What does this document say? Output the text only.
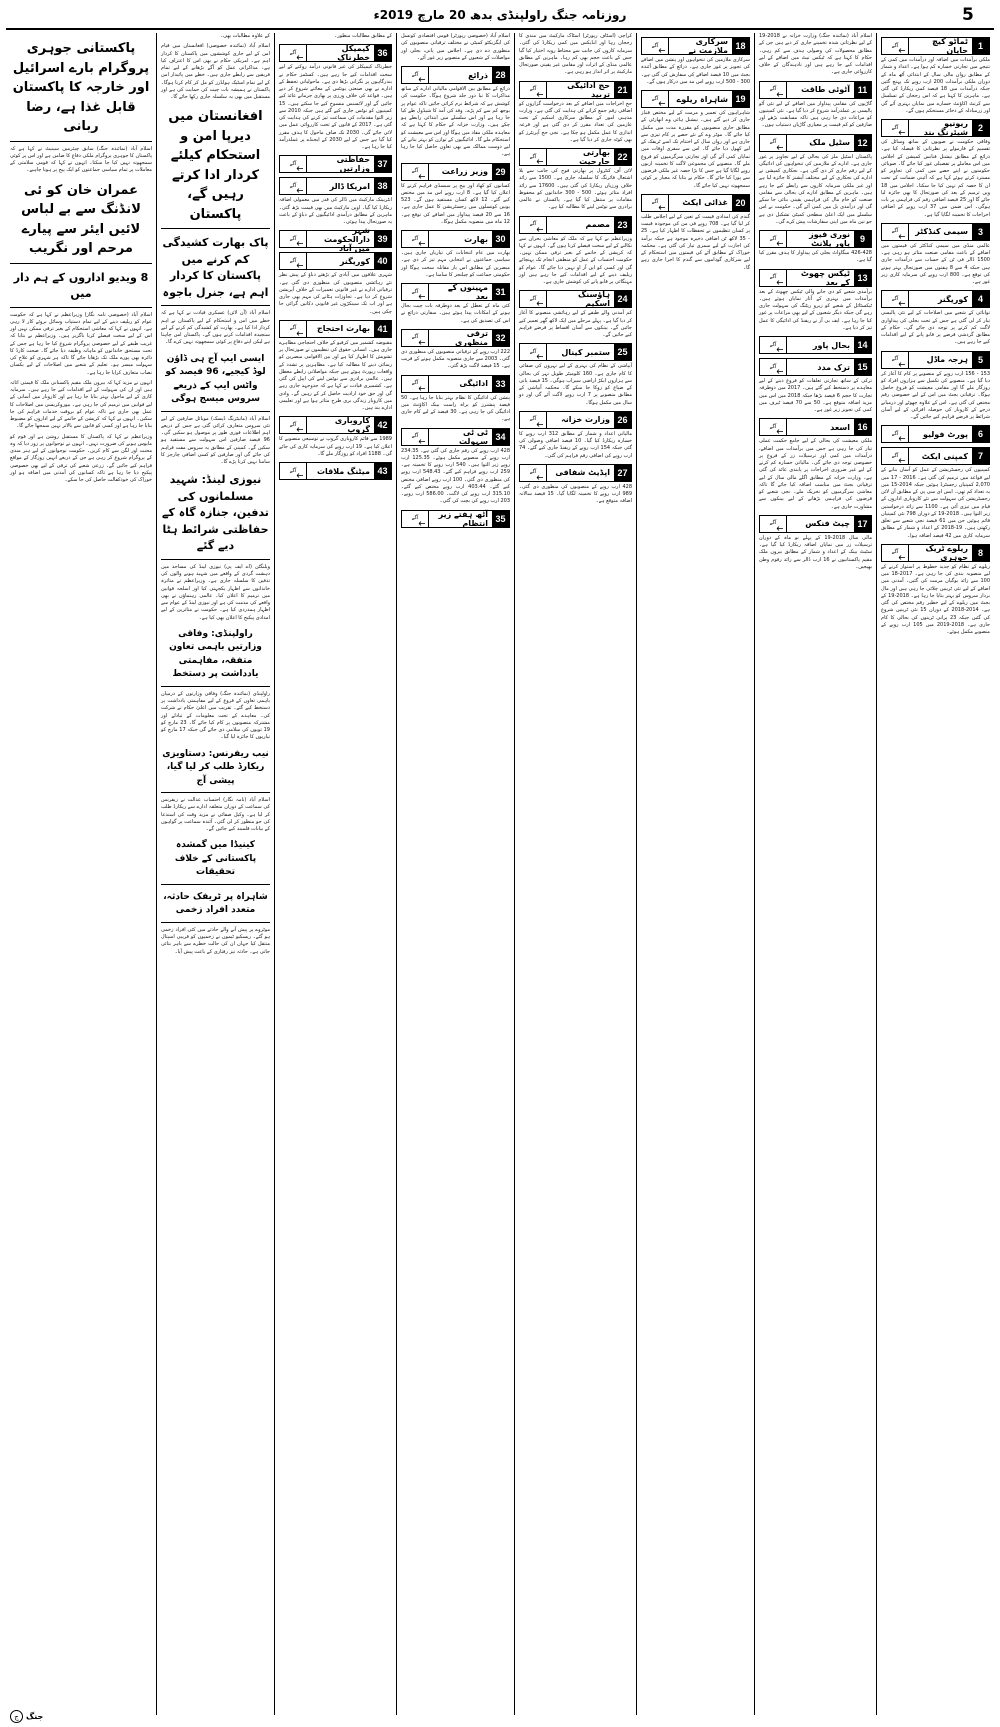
5
روزنامہ جنگ راولپنڈی بدھ 20 مارچ 2019ء
1
ٹماٹو کیچ جاپان
آگے

ملکی برآمدات میں اضافہ اور درآمدات میں کمی کے نتیجے میں تجارتی خسارہ کم ہوا ہے۔ اعداد و شمار کے مطابق رواں مالی سال کے ابتدائی آٹھ ماہ کے دوران ملکی برآمدات 200 ارب روپے تک پہنچ گئیں جبکہ درآمدات میں 18 فیصد کمی ریکارڈ کی گئی ہے۔ ماہرین کا کہنا ہے کہ اس رجحان کے تسلسل سے کرنٹ اکاؤنٹ خسارے میں نمایاں بہتری آئے گی اور زرمبادلہ کے ذخائر مستحکم ہوں گے۔

2
ریونیو شیئرنگ بند
آگے

وفاقی حکومت نے صوبوں کے ساتھ وسائل کی تقسیم کے فارمولے پر نظرثانی کا فیصلہ کیا ہے۔ ذرائع کے مطابق نیشنل فنانس کمیشن کے اجلاس میں اس معاملے پر تفصیلی غور کیا جائے گا۔ صوبائی حکومتوں نے اپنے حصے میں کمی کی تجاویز کو مسترد کرتے ہوئے کہا ہے کہ آئینی ضمانت کے تحت ان کا حصہ کم نہیں کیا جا سکتا۔ اجلاس میں 18 ویں ترمیم کے بعد کی صورتحال کا بھی جائزہ لیا جائے گا اور 25 فیصد اضافی رقم کی فراہمی پر بات ہوگی۔ اس ضمن میں 37 ارب روپے کے اضافی اخراجات کا تخمینہ لگایا گیا ہے۔

3
سیمی کنڈکٹر
آگے

عالمی منڈی میں سیمی کنڈکٹر کی قیمتوں میں اضافے کے باعث مقامی صنعت متاثر ہو رہی ہے۔ 1500 ڈالر فی ٹن کے حساب سے درآمدات جاری ہیں جبکہ 4 سے 8 ہفتوں میں صورتحال بہتر ہونے کی توقع ہے۔ 800 ارب روپے کی سرمایہ کاری زیر غور ہے۔

4
کوریگنر
آگے

توانائی کے شعبے میں اصلاحات کے لیے نئی پالیسی تیار کر لی گئی ہے جس کے تحت بجلی کی پیداواری لاگت کم کرنے پر توجہ دی جائے گی۔ حکام کے مطابق گردشی قرضے پر قابو پانے کے لیے اقدامات کیے جا رہے ہیں۔

5
ہرجہ ماڈل
آگے

153 - 156 ارب روپے کے منصوبے پر کام کا آغاز کر دیا گیا ہے۔ منصوبے کی تکمیل سے ہزاروں افراد کو روزگار ملے گا اور مقامی معیشت کو فروغ حاصل ہوگا۔ ترقیاتی بجٹ میں اس کے لیے خصوصی رقم مختص کی گئی ہے۔ اس کے علاوہ چھوٹے اور درمیانے درجے کے کاروبار کی حوصلہ افزائی کے لیے آسان شرائط پر قرضے فراہم کیے جائیں گے۔

6
پورٹ فولیو
آگے
7
کمپنی ایکٹ
آگے

کمپنیوں کی رجسٹریشن کے عمل کو آسان بنانے کے لیے قواعد میں ترمیم کی گئی ہے۔ 2016 - 17 میں 2,070 کمپنیاں رجسٹرڈ ہوئیں جبکہ 2014-15 میں یہ تعداد کم تھی۔ ایس ای سی پی کے مطابق آن لائن رجسٹریشن کی سہولت سے نئے کاروباری اداروں کے قیام میں تیزی آئی ہے۔ 1100 سے زائد درخواستیں زیر التوا ہیں۔ 2018-19 کے دوران 798 نئی کمپنیاں قائم ہوئیں جن میں 61 فیصد نجی شعبے سے تعلق رکھتی ہیں۔ 19-2018 کے اعداد و شمار کے مطابق سرمایہ کاری میں 42 فیصد اضافہ ہوا۔

8
ریلوے ٹریک جوہری
آگے

ریلوے کے نظام کو جدید خطوط پر استوار کرنے کے لیے منصوبہ بندی کی جا رہی ہے۔ 2017-18 میں 100 سے زائد بوگیاں مرمت کی گئیں۔ آمدنی میں اضافے کے لیے نئی ٹرینیں چلائی جا رہی ہیں اور مال بردار سروس کو بہتر بنایا جا رہا ہے۔ 2018-19 کے بجٹ میں ریلوے کے لیے خطیر رقم مختص کی گئی ہے۔ 2014-2018 کے دوران 15 نئی ٹرینیں شروع کی گئیں جبکہ 23 پرانی ٹرینوں کی بحالی کا کام جاری ہے۔ 2018-2019 میں 105 ارب روپے کے منصوبے مکمل ہوئے۔

اسلام آباد (نمائندہ جنگ) وزارت خزانہ نے 2018-19 کے لیے نظرثانی شدہ تخمینے جاری کر دیے ہیں جن کے مطابق محصولات کی وصولی ہدف سے کم رہی۔ حکام کا کہنا ہے کہ ٹیکس نیٹ میں اضافے کے لیے اقدامات کیے جا رہے ہیں اور نادہندگان کے خلاف کارروائی جاری ہے۔

11
آٹوئی طاقت
آگے

گاڑیوں کی مقامی پیداوار میں اضافے کے لیے نئی آٹو پالیسی پر عملدرآمد شروع کر دیا گیا ہے۔ نئی کمپنیوں کو مراعات دی جا رہی ہیں تاکہ مسابقت بڑھے اور صارفین کو کم قیمت پر معیاری گاڑیاں دستیاب ہوں۔

12
سٹیل ملک
آگے

پاکستان اسٹیل ملز کی بحالی کے لیے تجاویز پر غور جاری ہے۔ ادارے کے ملازمین کی تنخواہوں کی ادائیگی کے لیے رقم جاری کر دی گئی ہے۔ نجکاری کمیشن نے ادارے کی نجکاری کے لیے مختلف آپشنز کا جائزہ لیا ہے اور غیر ملکی سرمایہ کاروں سے رابطے کیے جا رہے ہیں۔ ماہرین کے مطابق ادارے کی بحالی سے مقامی صنعت کو خام مال کی فراہمی یقینی بنائی جا سکے گی اور درآمدی بل میں کمی آئے گی۔ حکومت نے اس سلسلے میں ایک اعلیٰ سطحی کمیٹی تشکیل دی ہے جو تین ماہ میں اپنی سفارشات پیش کرے گی۔

9
نوری فیوز پاور پلانٹ
آگے

426-428 میگاواٹ بجلی کی پیداوار کا ہدف مقرر کیا گیا ہے۔

13
ٹیکس چھوٹ کے بعد
آگے

برآمدی شعبے کو دی جانے والی ٹیکس چھوٹ کے بعد برآمدات میں بہتری کے آثار نمایاں ہوئے ہیں۔ ٹیکسٹائل کے شعبے کو زیرو ریٹنگ کی سہولت جاری رہے گی جبکہ دیگر شعبوں کے لیے بھی مراعات پر غور کیا جا رہا ہے۔ ایف بی آر نے ریفنڈ کی ادائیگی کا عمل تیز کر دیا ہے۔

14
بحال پاور
آگے
15
ترک مدد
آگے

ترکی کے ساتھ تجارتی تعلقات کو فروغ دینے کے لیے معاہدے پر دستخط کیے گئے ہیں۔ 2017 میں دوطرفہ تجارت کا حجم 6 فیصد بڑھا جبکہ 2018 میں اس میں مزید اضافہ متوقع ہے۔ 50 سے 70 فیصد ٹیرف میں کمی کی تجویز زیر غور ہے۔

16
اسعد
آگے

ملکی معیشت کی بحالی کے لیے جامع حکمت عملی تیار کی جا رہی ہے جس میں برآمدات میں اضافے، درآمدات میں کمی اور ترسیلات زر کے فروغ پر خصوصی توجہ دی جائے گی۔ مالیاتی خسارہ کم کرنے کے لیے غیر ضروری اخراجات پر پابندی عائد کی گئی ہے۔ وزارت خزانہ کے مطابق اگلے مالی سال کے لیے ترقیاتی بجٹ میں مناسب اضافہ کیا جائے گا تاکہ معاشی سرگرمیوں کو تحریک ملے۔ نجی شعبے کو قرضوں کی فراہمی بڑھانے کے لیے بینکوں سے مشاورت جاری ہے۔

17
چیٹ فنکس
آگے

مالی سال 2018-19 کے پہلے نو ماہ کے دوران ترسیلات زر میں نمایاں اضافہ ریکارڈ کیا گیا ہے۔ سٹیٹ بینک کے اعداد و شمار کے مطابق بیرون ملک مقیم پاکستانیوں نے 16 ارب ڈالر سے زائد رقوم وطن بھیجیں۔

18
سرکاری ملازمت نے
آگے

سرکاری ملازمین کی تنخواہوں اور پنشن میں اضافے کی تجویز پر غور جاری ہے۔ ذرائع کے مطابق آئندہ بجٹ میں 10 فیصد اضافے کی سفارش کی گئی ہے۔ 300 - 500 ارب روپے اس مد میں درکار ہوں گے۔

19
شاہراہ ریلوے
آگے

شاہراہوں کی تعمیر و مرمت کے لیے مختص فنڈز جاری کر دیے گئے ہیں۔ نیشنل ہائی وے اتھارٹی کے مطابق جاری منصوبوں کو مقررہ مدت میں مکمل کیا جائے گا۔ موٹر وے کے نئے حصے پر کام تیزی سے جاری ہے اور رواں سال کے اختتام تک اسے ٹریفک کے لیے کھول دیا جائے گا۔ اس سے سفری اوقات میں نمایاں کمی آئے گی اور تجارتی سرگرمیوں کو فروغ ملے گا۔ منصوبے کی مجموعی لاگت کا تخمینہ اربوں روپے لگایا گیا ہے جس کا بڑا حصہ غیر ملکی قرضوں سے پورا کیا جائے گا۔ حکام نے بتایا کہ معیار پر کوئی سمجھوتہ نہیں کیا جائے گا۔

20
غذائی ایکٹ
آگے

گندم کی امدادی قیمت کے تعین کے لیے اجلاس طلب کر لیا گیا ہے۔ 708 روپے فی من کی موجودہ قیمت پر کسان تنظیموں نے تحفظات کا اظہار کیا ہے۔ 25 - 35 لاکھ ٹن اضافی ذخیرہ موجود ہے جبکہ برآمد کی اجازت کے لیے سمری تیار کی گئی ہے۔ محکمہ خوراک کے مطابق آٹے کی قیمتوں میں استحکام کے لیے سرکاری گوداموں سے گندم کا اجرا جاری رہے گا۔

کراچی (اسٹاف رپورٹر) اسٹاک مارکیٹ میں مندی کا رجحان رہا اور انڈیکس میں کمی ریکارڈ کی گئی۔ سرمایہ کاروں کی جانب سے محتاط رویہ اختیار کیا گیا جس کے باعث حجم بھی کم رہا۔ ماہرین کے مطابق عالمی منڈی کے اثرات اور مقامی غیر یقینی صورتحال مارکیٹ پر اثر انداز ہو رہی ہے۔

21
حج ادائیگی تربید
آگے

حج اخراجات میں اضافے کے بعد درخواست گزاروں کو اضافی رقم جمع کرانے کی ہدایت کی گئی ہے۔ وزارت مذہبی امور کے مطابق سرکاری اسکیم کے تحت عازمین کی تعداد مقرر کر دی گئی ہے اور قرعہ اندازی کا عمل مکمل ہو چکا ہے۔ نجی حج آپریٹرز کو بھی کوٹہ جاری کر دیا گیا ہے۔

22
بھارتی جارحیت
آگے

لائن آف کنٹرول پر بھارتی فوج کی جانب سے بلا اشتعال فائرنگ کا سلسلہ جاری ہے۔ 1500 سے زائد خلاف ورزیاں ریکارڈ کی گئی ہیں۔ 17600 سے زائد افراد متاثر ہوئے۔ 500 - 300 خاندانوں کو محفوظ مقامات پر منتقل کیا گیا ہے۔ پاکستان نے عالمی برادری سے نوٹس لینے کا مطالبہ کیا ہے۔

23
مصمم
آگے

وزیراعظم نے کہا ہے کہ ملک کو معاشی بحران سے نکالنے کے لیے سخت فیصلے کرنا ہوں گے۔ انہوں نے کہا کہ کرپشن کے خاتمے کے بغیر ترقی ممکن نہیں۔ حکومت احتساب کے عمل کو منطقی انجام تک پہنچائے گی اور کسی کو این آر او نہیں دیا جائے گا۔ عوام کو ریلیف دینے کے لیے اقدامات کیے جا رہے ہیں اور مہنگائی پر قابو پانے کی کوشش جاری ہے۔

24
ہاؤسنگ اسکیم
آگے

کم آمدنی والے طبقے کے لیے رہائشی منصوبے کا آغاز کر دیا گیا ہے۔ پہلے مرحلے میں ایک لاکھ گھر تعمیر کیے جائیں گے۔ بینکوں سے آسان اقساط پر قرضے فراہم کیے جائیں گے۔

25
ستمبر کینال
آگے

آبپاشی کے نظام کی بہتری کے لیے نہروں کی صفائی کا کام جاری ہے۔ 160 کلومیٹر طویل نہر کی بحالی سے ہزاروں ایکڑ اراضی سیراب ہوگی۔ 15 فیصد پانی کے ضیاع کو روکا جا سکے گا۔ محکمہ آبپاشی کے مطابق منصوبے پر 7 ارب روپے لاگت آئے گی اور دو سال میں مکمل ہوگا۔

26
وزارت خزانہ
آگے

مالیاتی اعداد و شمار کے مطابق 312 ارب روپے کا خسارہ ریکارڈ کیا گیا۔ 10 فیصد اضافی وصولی کی گئی جبکہ 154 ارب روپے کے ریفنڈ جاری کیے گئے۔ 74 ارب روپے کی اضافی رقم فراہم کی گئی۔

27
اپڈیٹ شفافی
آگے

428 ارب روپے کے منصوبوں کی منظوری دی گئی۔ 989 ارب روپے کا تخمینہ لگایا گیا۔ 15 فیصد سالانہ اضافہ متوقع ہے۔

اسلام آباد (خصوصی رپورٹر) قومی اقتصادی کونسل کی ایگزیکٹو کمیٹی نے مختلف ترقیاتی منصوبوں کی منظوری دے دی ہے۔ اجلاس میں پانی، بجلی اور مواصلات کے شعبوں کے منصوبے زیر غور آئے۔

28
ذرائع
آگے

ذرائع کے مطابق بین الاقوامی مالیاتی ادارے کے ساتھ مذاکرات کا نیا دور جلد شروع ہوگا۔ حکومت کی کوشش ہے کہ شرائط نرم کرائی جائیں تاکہ عوام پر بوجھ کم سے کم پڑے۔ وفد کی آمد کا شیڈول طے کیا جا رہا ہے اور اس سلسلے میں ابتدائی رابطے ہو چکے ہیں۔ وزارت خزانہ کے حکام کا کہنا ہے کہ معاہدہ ملکی مفاد میں ہوگا اور اس سے معیشت کو استحکام ملے گا۔ ادائیگیوں کے توازن کو بہتر بنانے کے لیے دوست ممالک سے بھی تعاون حاصل کیا جا رہا ہے۔

29
وزیر زراعت
آگے

کسانوں کو کھاد اور بیج پر سبسڈی فراہم کرنے کا اعلان کیا گیا ہے۔ 8 ارب روپے اس مد میں مختص کیے گئے۔ 12 لاکھ کسان مستفید ہوں گے۔ 523 یونین کونسلوں میں رجسٹریشن کا عمل جاری ہے۔ 16 سے 20 فیصد پیداوار میں اضافے کی توقع ہے۔ 12 ماہ میں منصوبہ مکمل ہوگا۔

30
بھارت
آگے

بھارت میں عام انتخابات کی تیاریاں جاری ہیں۔ سیاسی جماعتوں نے انتخابی مہم تیز کر دی ہے۔ مبصرین کے مطابق اس بار مقابلہ سخت ہوگا اور حکومتی جماعت کو چیلنجز کا سامنا ہے۔

31
مہینوں کے بعد
آگے

کئی ماہ کے تعطل کے بعد دوطرفہ بات چیت بحال ہونے کے امکانات پیدا ہوئے ہیں۔ سفارتی ذرائع نے اس کی تصدیق کی ہے۔

32
ترقی منظوری
آگے

222 ارب روپے کے ترقیاتی منصوبوں کی منظوری دی گئی۔ 2003 سے جاری منصوبہ مکمل ہونے کے قریب ہے۔ 15 فیصد لاگت بڑھ گئی۔

33
ادائیگی
آگے

پنشن کی ادائیگی کا نظام بہتر بنایا جا رہا ہے۔ 50 فیصد پنشنرز کو براہ راست بینک اکاؤنٹ میں ادائیگی کی جا رہی ہے۔ 30 فیصد کے لیے کام جاری ہے۔

34
ٹی ٹی سہولت
آگے

428 ارب روپے کی رقم جاری کی گئی ہے۔ 234.35 ارب روپے کے منصوبے مکمل ہوئے۔ 125.35 ارب روپے زیر التوا ہیں۔ 540 ارب روپے کا تخمینہ ہے۔ 259 ارب روپے فراہم کیے گئے۔ 548.43 ارب روپے کی منظوری دی گئی۔ 100 ارب روپے اضافی مختص کیے گئے۔ 403.44 ارب روپے مختص کیے گئے۔ 315.10 ارب روپے کی لاگت۔ 586.00 ارب روپے۔ 203 ارب روپے کی بچت کی گئی۔

35
آٹھ ہفتے زیر انتظام
آگے

کے مطابق مطالبات منظور۔

36
کیمیکل خطرناک
آگے

خطرناک کیمیکلز کی غیر قانونی درآمد روکنے کے لیے سخت اقدامات کیے جا رہے ہیں۔ کسٹمز حکام نے بندرگاہوں پر نگرانی بڑھا دی ہے۔ ماحولیاتی تحفظ کے ادارے نے بھی صنعتی یونٹس کے معائنے شروع کر دیے ہیں۔ قواعد کی خلاف ورزی پر بھاری جرمانے عائد کیے جائیں گے اور لائسنس منسوخ کیے جا سکتے ہیں۔ 15 کمپنیوں کو نوٹس جاری کیے گئے ہیں جبکہ 2010 سے زیر التوا مقدمات کی سماعت تیز کرنے کی ہدایت کی گئی ہے۔ 2017 کے قانون کے تحت کارروائی عمل میں لائی جائے گی۔ 2030 تک صاف ماحول کا ہدف مقرر کیا گیا ہے جس کے لیے 2030 کے ایجنڈے پر عملدرآمد کیا جا رہا ہے۔

37
حفاظتی وزارتیں
آگے
38
امریکا ڈالر
آگے

انٹربینک مارکیٹ میں ڈالر کی قدر میں معمولی اضافہ ریکارڈ کیا گیا۔ اوپن مارکیٹ میں بھی قیمت بڑھ گئی۔ ماہرین کے مطابق درآمدی ادائیگیوں کے دباؤ کے باعث یہ صورتحال پیدا ہوئی۔

39
شہر دارالحکومت میں آباد
آگے
40
کوریگنر
آگے

شہری علاقوں میں آبادی کے بڑھتے دباؤ کے پیش نظر نئے رہائشی منصوبوں کی منظوری دی گئی ہے۔ ترقیاتی ادارے نے غیر قانونی تعمیرات کے خلاف آپریشن شروع کر دیا ہے۔ تجاوزات ہٹانے کی مہم بھی جاری ہے اور اب تک سینکڑوں غیر قانونی دکانیں گرائی جا چکی ہیں۔

41
بھارت احتجاج
آگے

مقبوضہ کشمیر میں کرفیو کے خلاف احتجاجی مظاہرے جاری ہیں۔ انسانی حقوق کی تنظیموں نے صورتحال پر تشویش کا اظہار کیا ہے اور بین الاقوامی مبصرین کو رسائی دینے کا مطالبہ کیا ہے۔ مظاہرین پر تشدد کے واقعات رپورٹ ہوئے ہیں جبکہ مواصلاتی رابطے معطل ہیں۔ عالمی برادری سے نوٹس لینے کی اپیل کی گئی ہے۔ کشمیری قیادت نے کہا ہے کہ جدوجہد جاری رہے گی اور حق خود ارادیت حاصل کر کے رہیں گے۔ وادی میں کاروبار زندگی بری طرح متاثر ہوا ہے اور تعلیمی ادارے بند ہیں۔

42
کاروباری گروپ
آگے

1989 سے قائم کاروباری گروپ نے توسیعی منصوبے کا اعلان کیا ہے۔ 19 ارب روپے کی سرمایہ کاری کی جائے گی۔ 1188 افراد کو روزگار ملے گا۔

43
میٹنگ ملاقات
آگے

کے علاوہ مطالبات بھی۔

اسلام آباد (نمائندہ خصوصی) افغانستان میں قیام امن کے لیے جاری کوششوں میں پاکستان کا کردار اہم ہے۔ امریکی حکام نے بھی اس کا اعتراف کیا ہے۔ مذاکراتی عمل کو آگے بڑھانے کے لیے تمام فریقین سے رابطے جاری ہیں۔ خطے میں پائیدار امن کے لیے تمام اسٹیک ہولڈرز کو مل کر کام کرنا ہوگا۔ پاکستان نے ہمیشہ بات چیت کی حمایت کی ہے اور مستقبل میں بھی یہ سلسلہ جاری رکھا جائے گا۔

افغانستان میں دیرپا امن و استحکام کیلئے کردار ادا کرتے رہیں گے، پاکستان
پاک بھارت کشیدگی کم کرنے میں پاکستان کا کردار اہم ہے، جنرل باجوہ

اسلام آباد (آن لائن) عسکری قیادت نے کہا ہے کہ خطے میں امن و استحکام کے لیے پاکستان نے اہم کردار ادا کیا ہے۔ بھارت کو کشیدگی کم کرنے کے لیے سنجیدہ اقدامات کرنے ہوں گے۔ پاکستان امن چاہتا ہے لیکن اپنے دفاع پر کوئی سمجھوتہ نہیں کرے گا۔

ایسی ایپ آج ہی ڈاؤن لوڈ کیجیے، 96 فیصد کو واٹس ایپ کے ذریعے سروس میسج ہوگی

اسلام آباد (مانیٹرنگ ڈیسک) موبائل صارفین کے لیے نئی سروس متعارف کرائی گئی ہے جس کے ذریعے اہم اطلاعات فوری طور پر موصول ہو سکیں گی۔ 96 فیصد صارفین اس سہولت سے مستفید ہو سکیں گے۔ کمپنی کے مطابق یہ سروس مفت فراہم کی جائے گی اور صارفین کو کسی اضافی چارجز کا سامنا نہیں کرنا پڑے گا۔

نیوزی لینڈ: شہید مسلمانوں کی تدفین، جنازہ گاہ کے حفاظتی شرائط ہٹا دیے گئے

ویلنگٹن (اے ایف پی) نیوزی لینڈ کی مساجد میں دہشت گردی کے واقعے میں شہید ہونے والوں کی تدفین کا سلسلہ جاری ہے۔ وزیراعظم نے متاثرہ خاندانوں سے اظہار یکجہتی کیا اور اسلحہ قوانین میں ترمیم کا اعلان کیا۔ عالمی رہنماؤں نے بھی واقعے کی مذمت کی ہے اور نیوزی لینڈ کے عوام سے اظہار ہمدردی کیا ہے۔ حکومت نے متاثرین کے لیے امدادی پیکیج کا اعلان بھی کیا ہے۔

راولپنڈی: وفاقی وزارتیں باہمی تعاون متفقہ، مفاہمتی یادداشت پر دستخط

راولپنڈی (نمائندہ جنگ) وفاقی وزارتوں کے درمیان باہمی تعاون کے فروغ کے لیے مفاہمتی یادداشت پر دستخط کیے گئے۔ تقریب میں اعلیٰ حکام نے شرکت کی۔ معاہدے کے تحت معلومات کے تبادلے اور مشترکہ منصوبوں پر کام کیا جائے گا۔ 23 مارچ کو 19 توپوں کی سلامی دی جائے گی جبکہ 17 مارچ کو تیاریوں کا جائزہ لیا گیا۔

نیب ریفرنس: دستاویزی ریکارڈ طلب کر لیا گیا، پیشی آج

اسلام آباد (نامہ نگار) احتساب عدالت نے ریفرنس کی سماعت کے دوران متعلقہ ادارے سے ریکارڈ طلب کر لیا ہے۔ وکیل صفائی نے مزید وقت کی استدعا کی جو منظور کر لی گئی۔ آئندہ سماعت پر گواہوں کے بیانات قلمبند کیے جائیں گے۔

کینیڈا میں گمشدہ پاکستانی کے خلاف تحقیقات
شاہراہ پر ٹریفک حادثہ، متعدد افراد زخمی

موٹروے پر پیش آنے والے حادثے میں کئی افراد زخمی ہو گئے۔ ریسکیو ٹیموں نے زخمیوں کو قریبی اسپتال منتقل کیا جہاں ان کی حالت خطرے سے باہر بتائی جاتی ہے۔ حادثہ تیز رفتاری کے باعث پیش آیا۔

پاکستانی جوہری پروگرام بارے اسرائیل اور خارجہ کا پاکستان قابل غذا ہے، رضا ربانی

اسلام آباد (نمائندہ جنگ) سابق چیئرمین سینیٹ نے کہا ہے کہ پاکستان کا جوہری پروگرام ملکی دفاع کا ضامن ہے اور اس پر کوئی سمجھوتہ نہیں کیا جا سکتا۔ انہوں نے کہا کہ قومی سلامتی کے معاملات پر تمام سیاسی جماعتوں کو ایک پیج پر ہونا چاہیے۔

عمران خان کو ئی لانڈنگ سے بے لباس لائیں ایئر سے پیارے مرحم اور نگریب
8 ویدیو اداروں کے ہم دار میں

اسلام آباد (خصوصی نامہ نگار) وزیراعظم نے کہا ہے کہ حکومت عوام کو ریلیف دینے کے لیے تمام دستیاب وسائل بروئے کار لا رہی ہے۔ انہوں نے کہا کہ معاشی استحکام کے بغیر ترقی ممکن نہیں اور اس کے لیے سخت فیصلے کرنا ناگزیر ہیں۔ وزیراعظم نے بتایا کہ غریب طبقے کے لیے خصوصی پروگرام شروع کیا جا رہا ہے جس کے تحت مستحق خاندانوں کو ماہانہ وظیفہ دیا جائے گا۔ صحت کارڈ کا دائرہ بھی پورے ملک تک بڑھایا جائے گا تاکہ ہر شہری کو علاج کی سہولت میسر ہو۔ تعلیم کے شعبے میں اصلاحات کے لیے یکساں نصاب متعارف کرایا جا رہا ہے۔

انہوں نے مزید کہا کہ بیرون ملک مقیم پاکستانی ملک کا قیمتی اثاثہ ہیں اور ان کی سہولت کے لیے اقدامات کیے جا رہے ہیں۔ سرمایہ کاری کے لیے ماحول بہتر بنایا جا رہا ہے اور کاروبار میں آسانی کے لیے قوانین میں ترمیم کی جا رہی ہے۔ بیوروکریسی میں اصلاحات کا عمل بھی جاری ہے تاکہ عوام کو بروقت خدمات فراہم کی جا سکیں۔ انہوں نے کہا کہ کرپشن کے خاتمے کے لیے اداروں کو مضبوط بنایا جا رہا ہے اور کسی کو قانون سے بالاتر نہیں سمجھا جائے گا۔

وزیراعظم نے کہا کہ پاکستان کا مستقبل روشن ہے اور قوم کو مایوس ہونے کی ضرورت نہیں۔ انہوں نے نوجوانوں پر زور دیا کہ وہ محنت اور لگن سے کام کریں۔ حکومت نوجوانوں کے لیے ہنر مندی کے پروگرام شروع کر رہی ہے جن کے ذریعے انہیں روزگار کے مواقع فراہم کیے جائیں گے۔ زرعی شعبے کی ترقی کے لیے بھی خصوصی پیکیج دیا جا رہا ہے تاکہ کسانوں کی آمدنی میں اضافہ ہو اور خوراک کی خودکفالت حاصل کی جا سکے۔

ج جنگ
